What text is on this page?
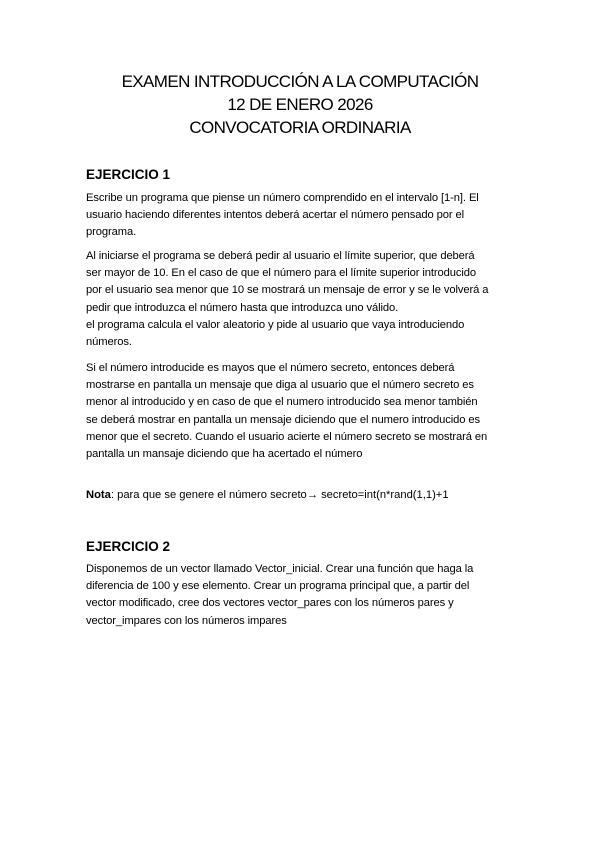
EXAMEN INTRODUCCIÓN A LA COMPUTACIÓN
12 DE ENERO 2026
CONVOCATORIA ORDINARIA
EJERCICIO 1
Escribe un programa que piense un número comprendido en el intervalo [1-n]. El
usuario haciendo diferentes intentos deberá acertar el número pensado por el
programa.
Al iniciarse el programa se deberá pedir al usuario el límite superior, que deberá
ser mayor de 10. En el caso de que el número para el límite superior introducido
por el usuario sea menor que 10 se mostrará un mensaje de error y se le volverá a
pedir que introduzca el número hasta que introduzca uno válido.
el programa calcula el valor aleatorio y pide al usuario que vaya introduciendo
números.
Si el número introducide es mayos que el número secreto, entonces deberá
mostrarse en pantalla un mensaje que diga al usuario que el número secreto es
menor al introducido y en caso de que el numero introducido sea menor también
se deberá mostrar en pantalla un mensaje diciendo que el numero introducido es
menor que el secreto. Cuando el usuario acierte el número secreto se mostrará en
pantalla un mansaje diciendo que ha acertado el número
Nota: para que se genere el número secreto→ secreto=int(n*rand(1,1)+1
EJERCICIO 2
Disponemos de un vector llamado Vector_inicial. Crear una función que haga la
diferencia de 100 y ese elemento. Crear un programa principal que, a partir del
vector modificado, cree dos vectores vector_pares con los números pares y
vector_impares con los números impares
